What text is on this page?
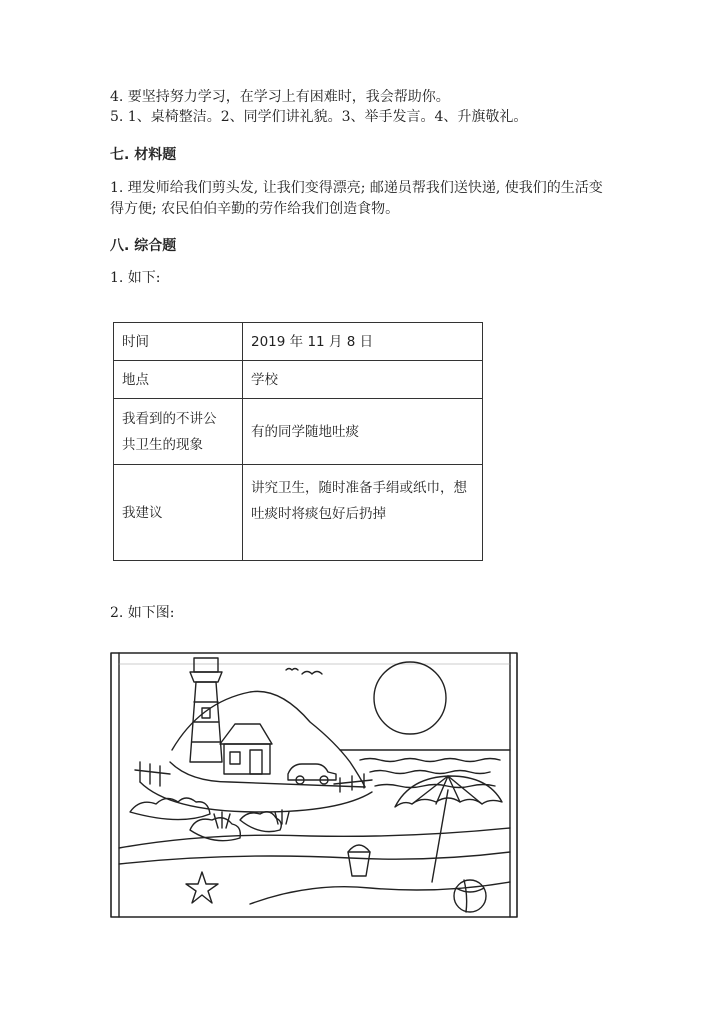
4. 要坚持努力学习，在学习上有困难时，我会帮助你。
5. 1、桌椅整洁。2、同学们讲礼貌。3、举手发言。4、升旗敬礼。
七. 材料题
1. 理发师给我们剪头发, 让我们变得漂亮; 邮递员帮我们送快递, 使我们的生活变
得方便; 农民伯伯辛勤的劳作给我们创造食物。
八. 综合题
1. 如下:
时间	2019 年 11 月 8 日
地点	学校

我看到的不讲公
共卫生的现象	有的同学随地吐痰
我建议	讲究卫生，随时准备手绢或纸巾，想
吐痰时将痰包好后扔掉
2. 如下图:
